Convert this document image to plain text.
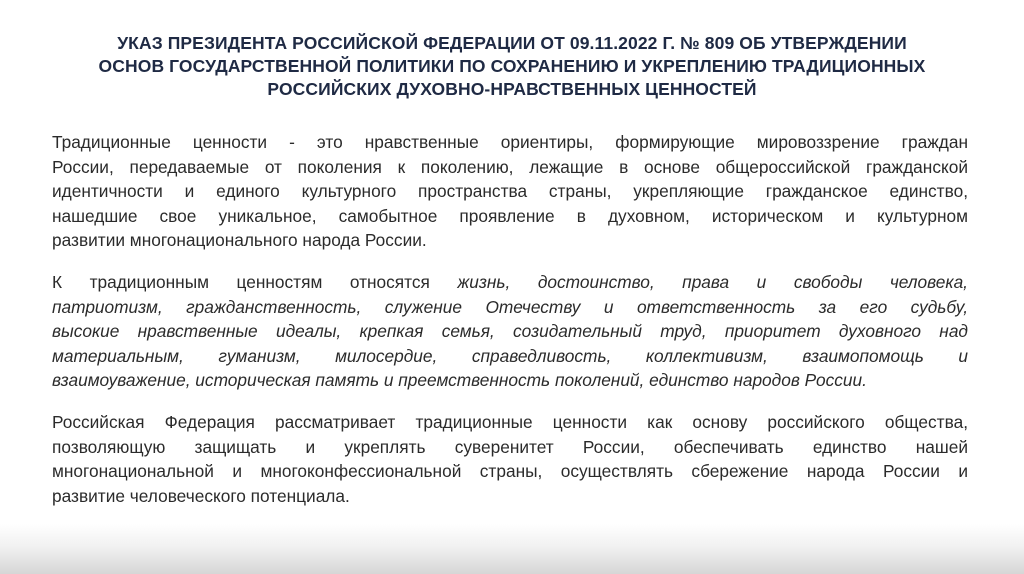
УКАЗ ПРЕЗИДЕНТА РОССИЙСКОЙ ФЕДЕРАЦИИ ОТ 09.11.2022 Г. № 809 ОБ УТВЕРЖДЕНИИ
ОСНОВ ГОСУДАРСТВЕННОЙ ПОЛИТИКИ ПО СОХРАНЕНИЮ И УКРЕПЛЕНИЮ ТРАДИЦИОННЫХ
РОССИЙСКИХ ДУХОВНО-НРАВСТВЕННЫХ ЦЕННОСТЕЙ
Традиционные ценности - это нравственные ориентиры, формирующие мировоззрение граждан
России, передаваемые от поколения к поколению, лежащие в основе общероссийской гражданской
идентичности и единого культурного пространства страны, укрепляющие гражданское единство,
нашедшие свое уникальное, самобытное проявление в духовном, историческом и культурном
развитии многонационального народа России.
К традиционным ценностям относятся жизнь, достоинство, права и свободы человека,
патриотизм, гражданственность, служение Отечеству и ответственность за его судьбу,
высокие нравственные идеалы, крепкая семья, созидательный труд, приоритет духовного над
материальным, гуманизм, милосердие, справедливость, коллективизм, взаимопомощь и
взаимоуважение, историческая память и преемственность поколений, единство народов России.
Российская Федерация рассматривает традиционные ценности как основу российского общества,
позволяющую защищать и укреплять суверенитет России, обеспечивать единство нашей
многонациональной и многоконфессиональной страны, осуществлять сбережение народа России и
развитие человеческого потенциала.
